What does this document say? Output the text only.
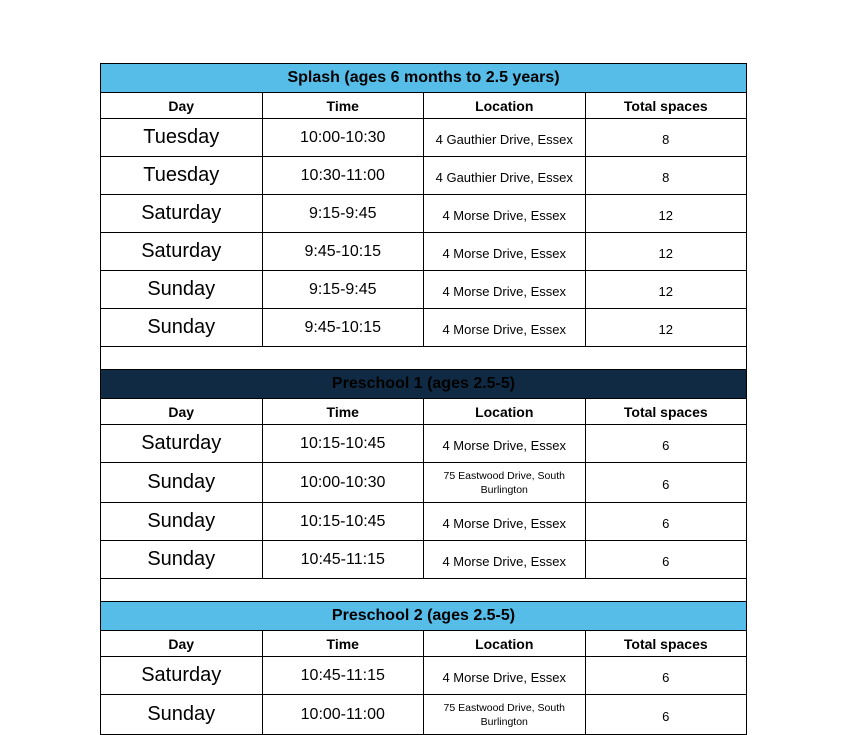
Splash (ages 6 months to 2.5 years)			
Day	Time	Location	Total spaces
Tuesday	10:00-10:30	4 Gauthier Drive, Essex	8
Tuesday	10:30-11:00	4 Gauthier Drive, Essex	8
Saturday	9:15-9:45	4 Morse Drive, Essex	12
Saturday	9:45-10:15	4 Morse Drive, Essex	12
Sunday	9:15-9:45	4 Morse Drive, Essex	12
Sunday	9:45-10:15	4 Morse Drive, Essex	12

Preschool 1 (ages 2.5-5)			
Day	Time	Location	Total spaces
Saturday	10:15-10:45	4 Morse Drive, Essex	6
Sunday	10:00-10:30	75 Eastwood Drive, South Burlington	6
Sunday	10:15-10:45	4 Morse Drive, Essex	6
Sunday	10:45-11:15	4 Morse Drive, Essex	6

Preschool 2 (ages 2.5-5)			
Day	Time	Location	Total spaces
Saturday	10:45-11:15	4 Morse Drive, Essex	6
Sunday	10:00-11:00	75 Eastwood Drive, South Burlington	6
